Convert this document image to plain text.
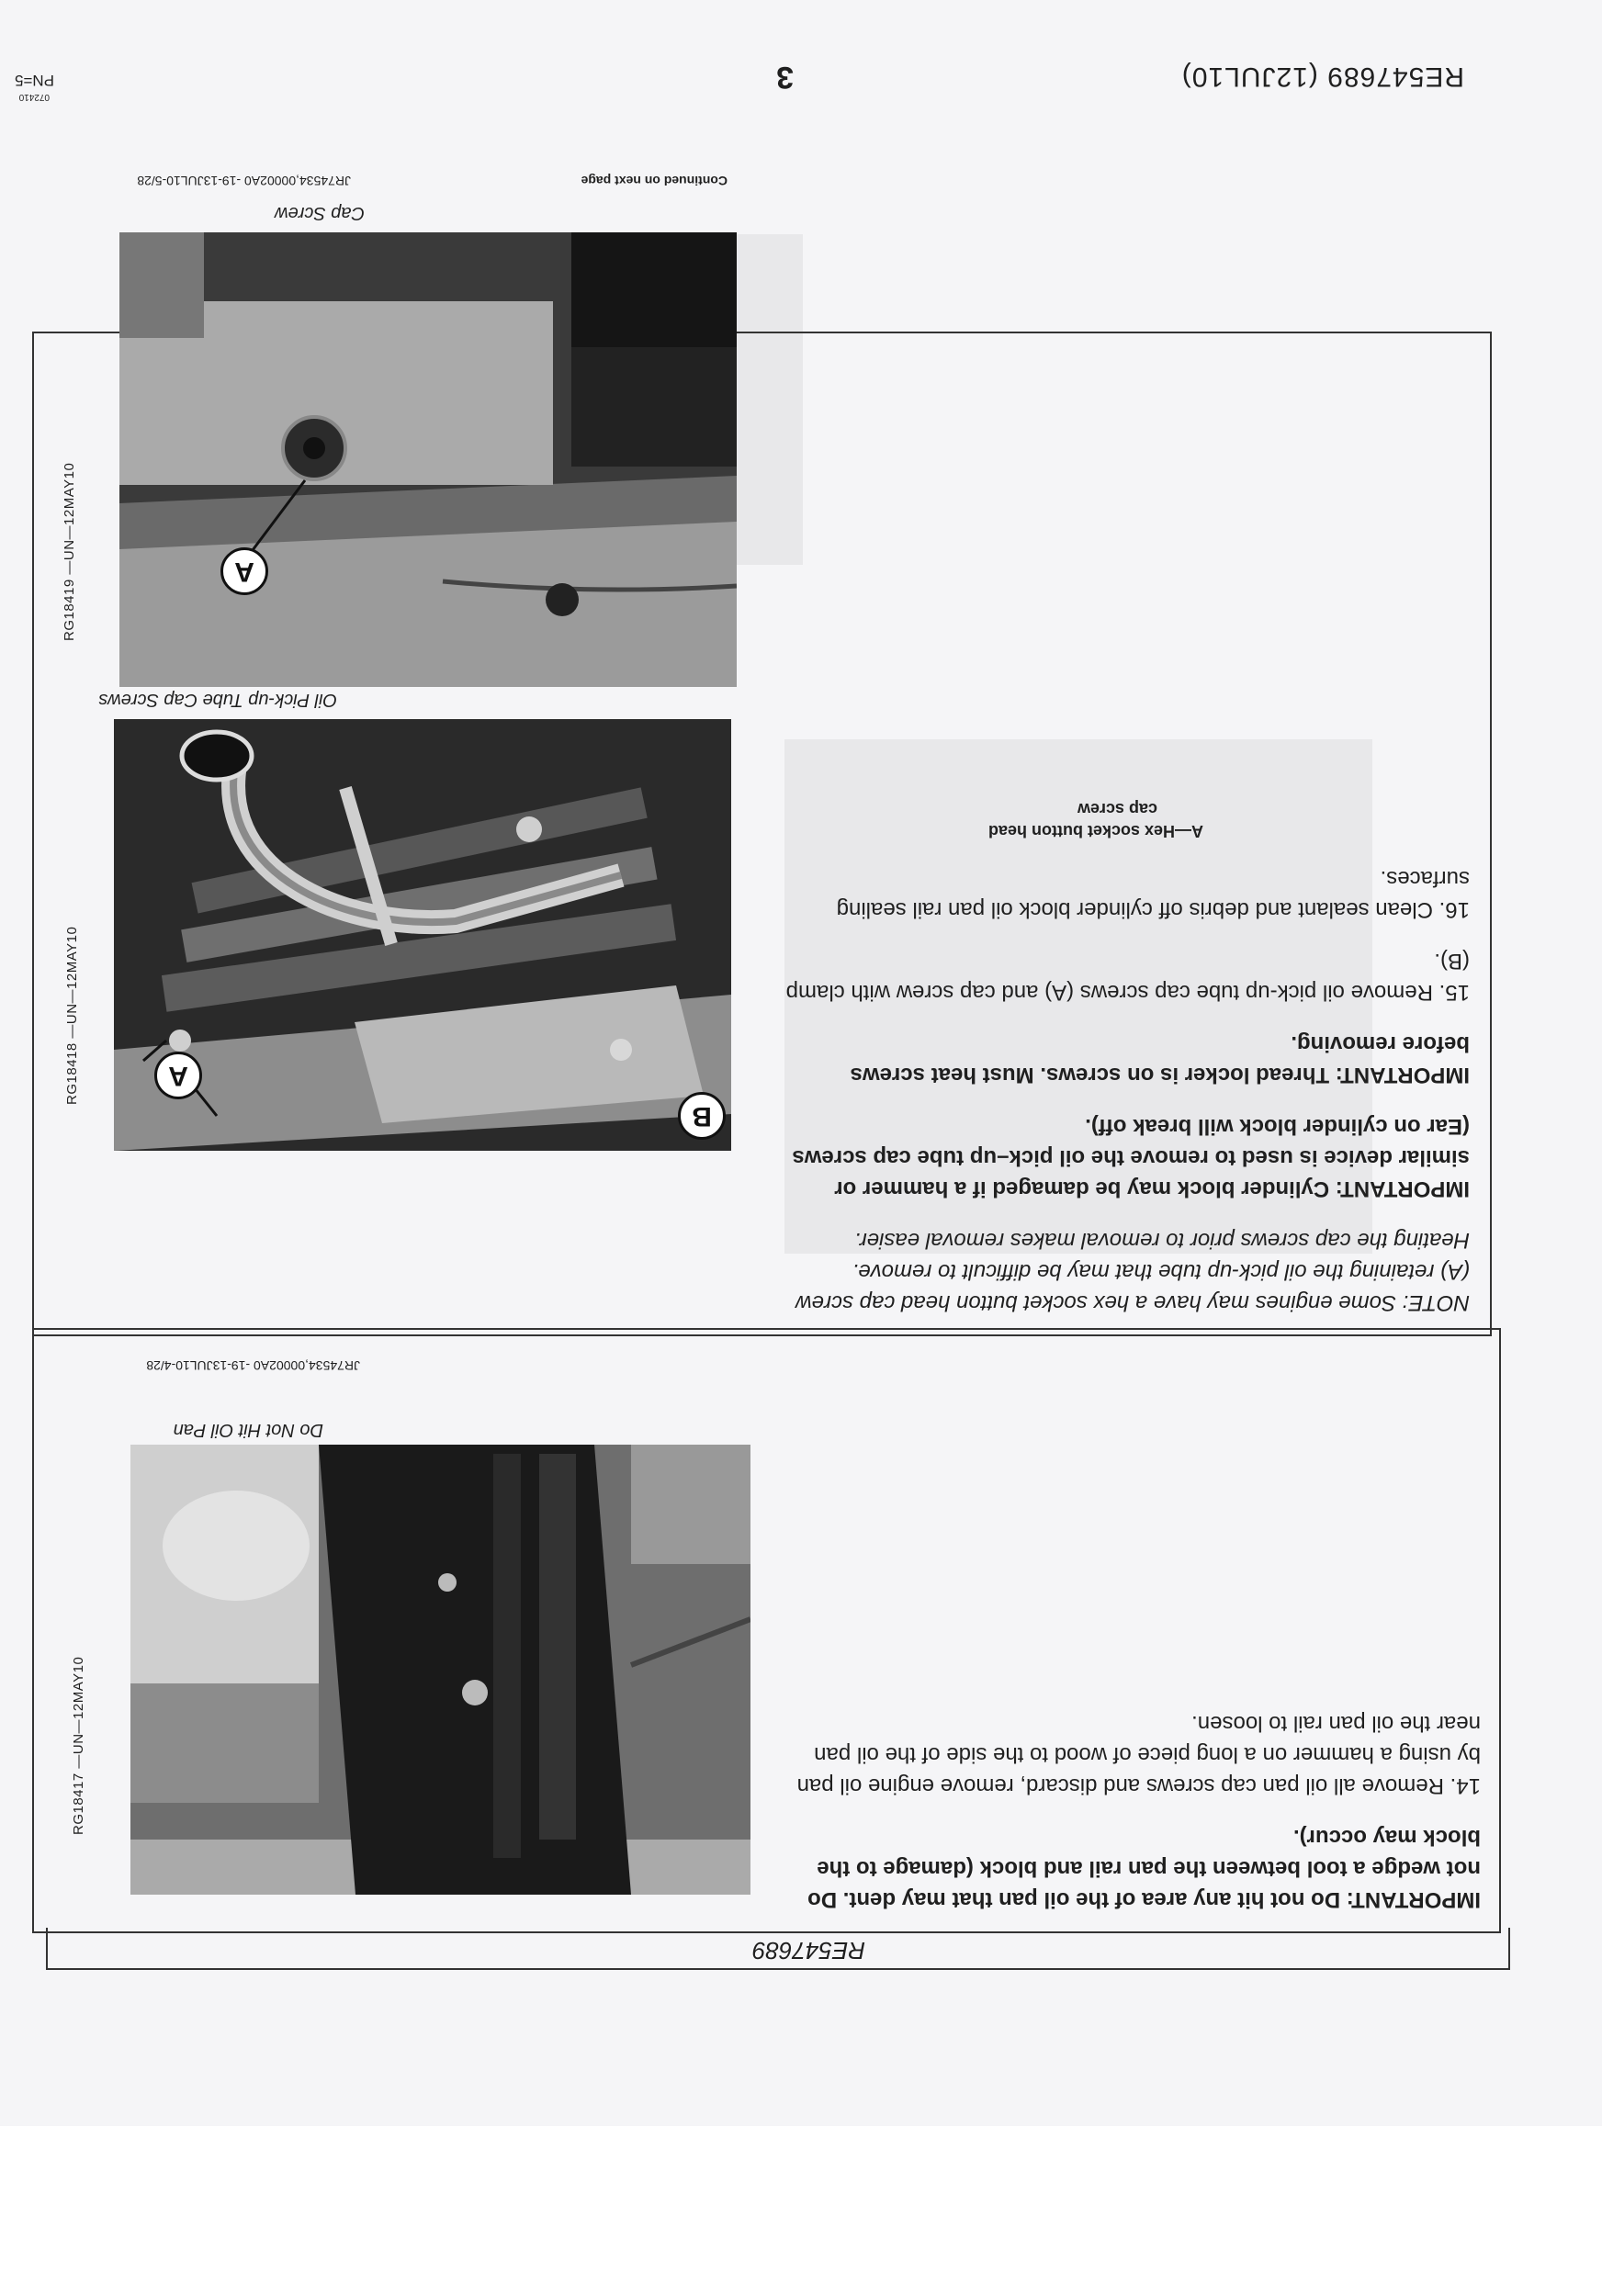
RE547689 (12JUL10)
3
072410
PN=5

NOTE: Some engines may have a hex socket button head cap screw (A) retaining the oil pick-up tube that may be difficult to remove. Heating the cap screws prior to removal makes removal easier.

IMPORTANT: Cylinder block may be damaged if a hammer or similar device is used to remove the oil pick–up tube cap screws (Ear on cylinder block will break off).

IMPORTANT: Thread locker is on screws. Must heat screws before removing.

15. Remove oil pick-up tube cap screws (A) and cap screw with clamp (B).

16. Clean sealant and debris off cylinder block oil pan rail sealing surfaces.

A—Hex socket button head
cap screw
A
B
Oil Pick-up Tube Cap Screws
RG18418 —UN—12MAY10
A
Cap Screw
RG18419 —UN—12MAY10
JR74534,00002A0 -19-13JUL10-5/28	Continued on next page

IMPORTANT: Do not hit any area of the oil pan that may dent. Do not wedge a tool between the pan rail and block (damage to the block may occur).

14. Remove all oil pan cap screws and discard, remove engine oil pan by using a hammer on a long piece of wood to the side of the oil pan near the oil pan rail to loosen.

Do Not Hit Oil Pan
RG18417 —UN—12MAY10
JR74534,00002A0 -19-13JUL10-4/28
RE547689
